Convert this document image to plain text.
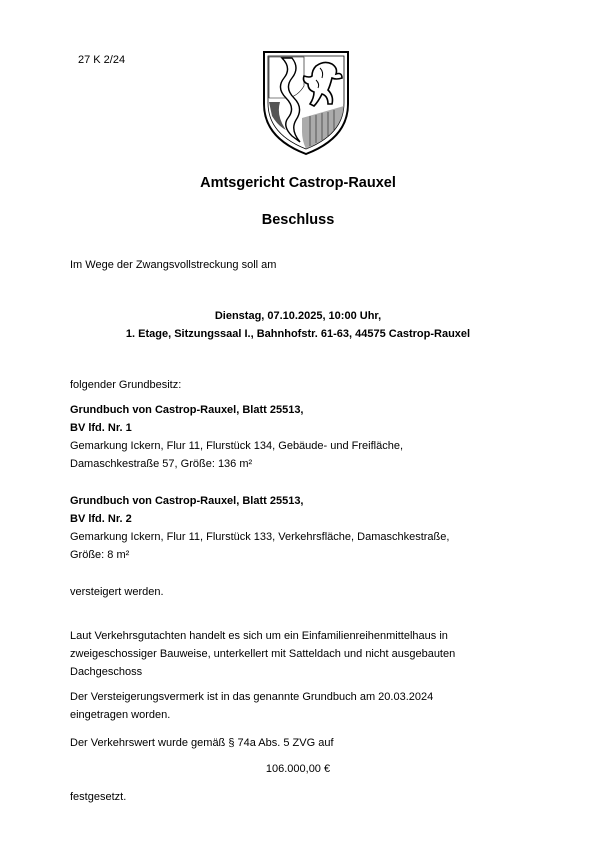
27 K 2/24
Amtsgericht Castrop-Rauxel
Beschluss
Im Wege der Zwangsvollstreckung soll am
Dienstag, 07.10.2025, 10:00 Uhr,
1. Etage, Sitzungssaal I., Bahnhofstr. 61-63, 44575 Castrop-Rauxel
folgender Grundbesitz:
Grundbuch von Castrop-Rauxel, Blatt 25513,
BV lfd. Nr. 1
Gemarkung Ickern, Flur 11, Flurstück 134, Gebäude- und Freifläche,
Damaschkestraße 57, Größe: 136 m²
Grundbuch von Castrop-Rauxel, Blatt 25513,
BV lfd. Nr. 2
Gemarkung Ickern, Flur 11, Flurstück 133, Verkehrsfläche, Damaschkestraße,
Größe: 8 m²
versteigert werden.
Laut Verkehrsgutachten handelt es sich um ein Einfamilienreihenmittelhaus in
zweigeschossiger Bauweise, unterkellert mit Satteldach und nicht ausgebauten
Dachgeschoss
Der Versteigerungsvermerk ist in das genannte Grundbuch am 20.03.2024
eingetragen worden.
Der Verkehrswert wurde gemäß § 74a Abs. 5 ZVG auf
106.000,00 €
festgesetzt.
